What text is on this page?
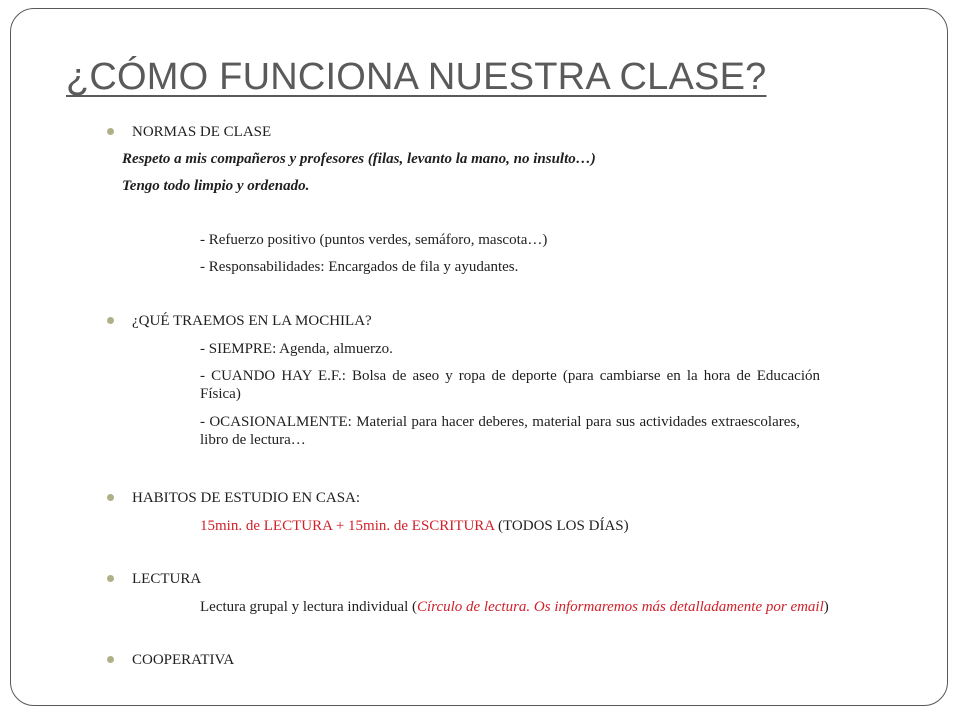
¿CÓMO FUNCIONA NUESTRA CLASE?
NORMAS DE CLASE
Respeto a mis compañeros y profesores (filas, levanto la mano, no insulto…)
Tengo todo limpio y ordenado.
- Refuerzo positivo (puntos verdes, semáforo, mascota…)
- Responsabilidades: Encargados de fila y ayudantes.
¿QUÉ TRAEMOS EN LA MOCHILA?
- SIEMPRE: Agenda, almuerzo.
- CUANDO HAY E.F.: Bolsa de aseo y ropa de deporte (para cambiarse en la hora de Educación Física)
- OCASIONALMENTE: Material para hacer deberes, material para sus actividades extraescolares, libro de lectura…
HABITOS DE ESTUDIO EN CASA:
15min. de LECTURA + 15min. de ESCRITURA (TODOS LOS DÍAS)
LECTURA
Lectura grupal y lectura individual (Círculo de lectura. Os informaremos más detalladamente por email)
COOPERATIVA
